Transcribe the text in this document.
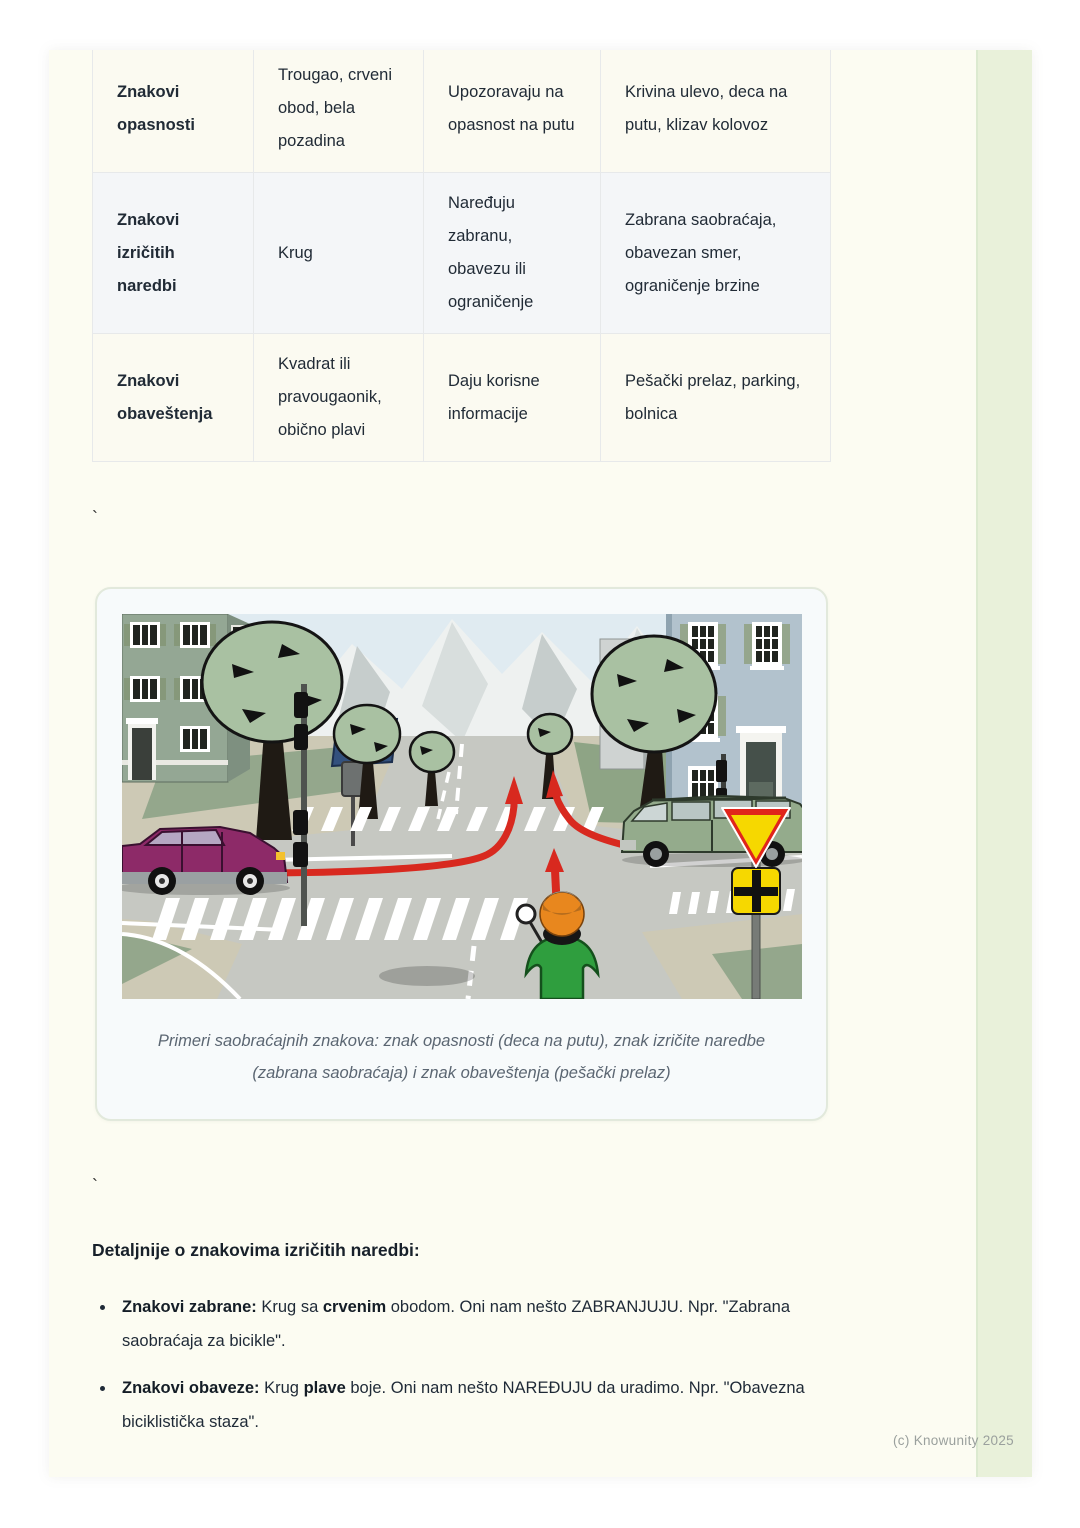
Znakovi opasnosti	Trougao, crveni obod, bela pozadina	Upozoravaju na opasnost na putu	Krivina ulevo, deca na putu, klizav kolovoz
Znakovi izričitih naredbi	Krug	Naređuju zabranu, obavezu ili ograničenje	Zabrana saobraćaja, obavezan smer, ograničenje brzine
Znakovi obaveštenja	Kvadrat ili pravougaonik, obično plavi	Daju korisne informacije	Pešački prelaz, parking, bolnica
`
Primeri saobraćajnih znakova: znak opasnosti (deca na putu), znak izričite naredbe (zabrana saobraćaja) i znak obaveštenja (pešački prelaz)
`
Detaljnije o znakovima izričitih naredbi:
• Znakovi zabrane: Krug sa crvenim obodom. Oni nam nešto ZABRANJUJU. Npr. "Zabrana saobraćaja za bicikle".
• Znakovi obaveze: Krug plave boje. Oni nam nešto NAREĐUJU da uradimo. Npr. "Obavezna biciklistička staza".
(c) Knowunity 2025
